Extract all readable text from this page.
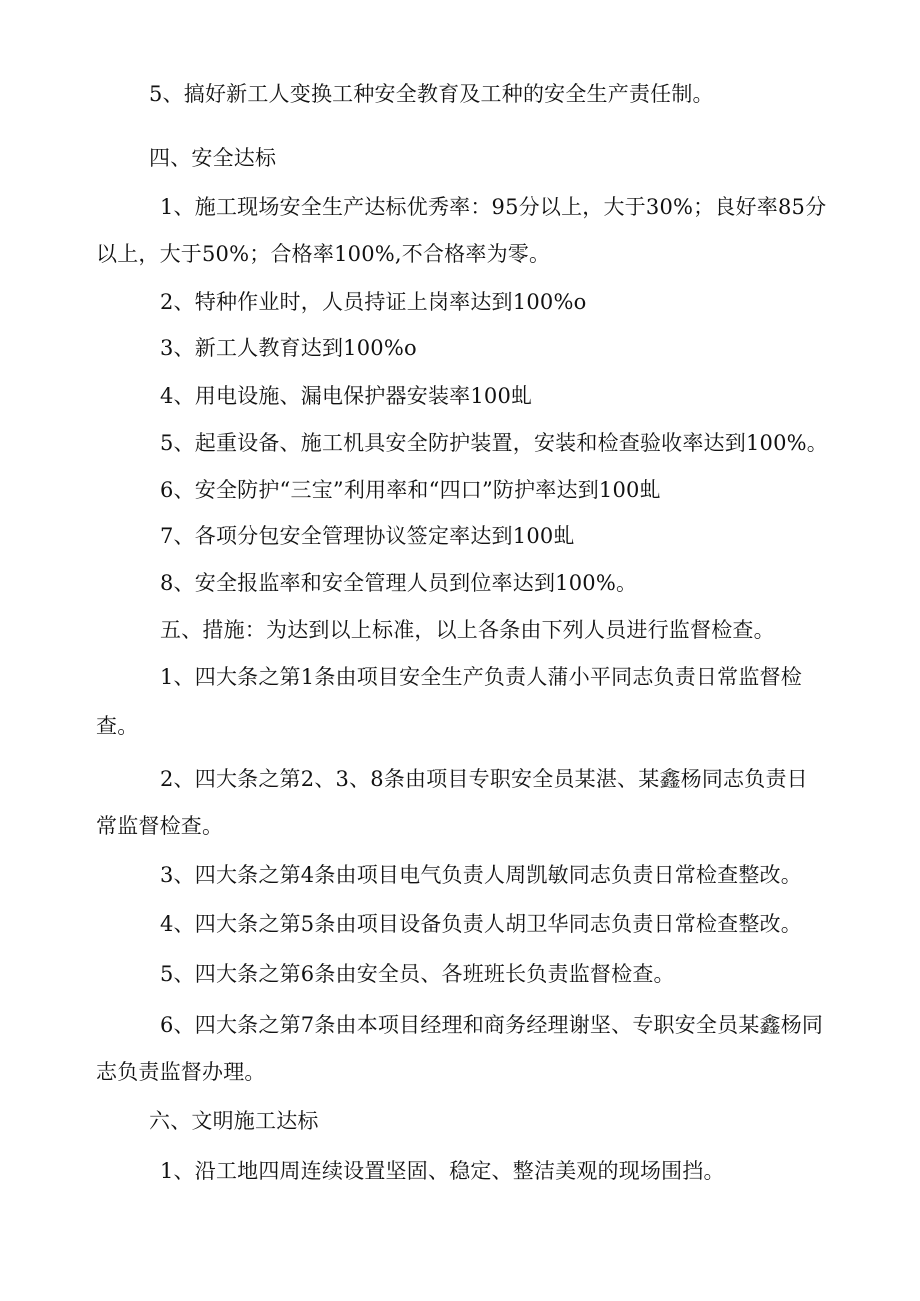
5、搞好新工人变换工种安全教育及工种的安全生产责任制。
四、安全达标
1、施工现场安全生产达标优秀率：95分以上，大于30%；良好率85分
以上，大于50%；合格率100%,不合格率为零。
2、特种作业时，人员持证上岗率达到100%o
3、新工人教育达到100%o
4、用电设施、漏电保护器安装率100虬
5、起重设备、施工机具安全防护装置，安装和检查验收率达到100%。
6、安全防护“三宝”利用率和“四口”防护率达到100虬
7、各项分包安全管理协议签定率达到100虬
8、安全报监率和安全管理人员到位率达到100%。
五、措施：为达到以上标准，以上各条由下列人员进行监督检查。
1、四大条之第1条由项目安全生产负责人蒲小平同志负责日常监督检
查。
2、四大条之第2、3、8条由项目专职安全员某湛、某鑫杨同志负责日
常监督检查。
3、四大条之第4条由项目电气负责人周凯敏同志负责日常检查整改。
4、四大条之第5条由项目设备负责人胡卫华同志负责日常检查整改。
5、四大条之第6条由安全员、各班班长负责监督检查。
6、四大条之第7条由本项目经理和商务经理谢坚、专职安全员某鑫杨同
志负责监督办理。
六、文明施工达标
1、沿工地四周连续设置坚固、稳定、整洁美观的现场围挡。
